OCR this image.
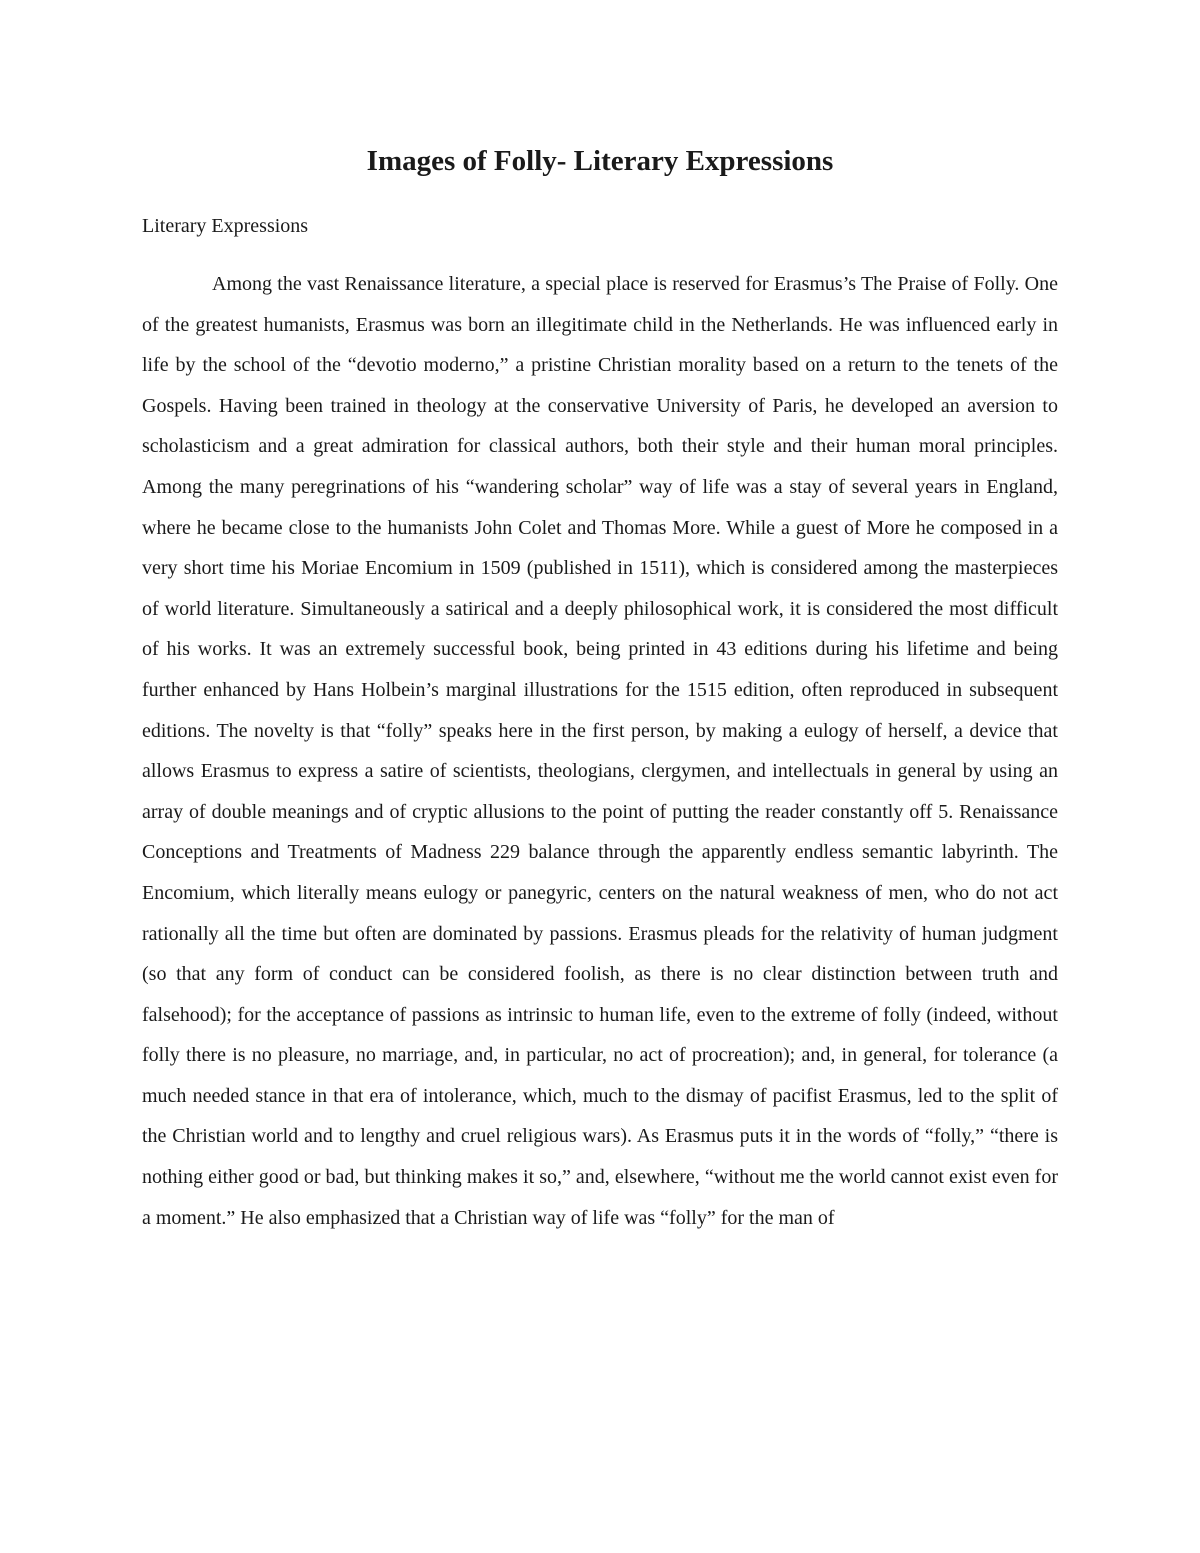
Images of Folly- Literary Expressions

Literary Expressions

Among the vast Renaissance literature, a special place is reserved for Erasmus’s The Praise of Folly. One of the greatest humanists, Erasmus was born an illegitimate child in the Netherlands. He was influenced early in life by the school of the “devotio moderno,” a pristine Christian morality based on a return to the tenets of the Gospels. Having been trained in theology at the conservative University of Paris, he developed an aversion to scholasticism and a great admiration for classical authors, both their style and their human moral principles. Among the many peregrinations of his “wandering scholar” way of life was a stay of several years in England, where he became close to the humanists John Colet and Thomas More. While a guest of More he composed in a very short time his Moriae Encomium in 1509 (published in 1511), which is considered among the masterpieces of world literature. Simultaneously a satirical and a deeply philosophical work, it is considered the most difficult of his works. It was an extremely successful book, being printed in 43 editions during his lifetime and being further enhanced by Hans Holbein’s marginal illustrations for the 1515 edition, often reproduced in subsequent editions. The novelty is that “folly” speaks here in the first person, by making a eulogy of herself, a device that allows Erasmus to express a satire of scientists, theologians, clergymen, and intellectuals in general by using an array of double meanings and of cryptic allusions to the point of putting the reader constantly off 5. Renaissance Conceptions and Treatments of Madness 229 balance through the apparently endless semantic labyrinth. The Encomium, which literally means eulogy or panegyric, centers on the natural weakness of men, who do not act rationally all the time but often are dominated by passions. Erasmus pleads for the relativity of human judgment (so that any form of conduct can be considered foolish, as there is no clear distinction between truth and falsehood); for the acceptance of passions as intrinsic to human life, even to the extreme of folly (indeed, without folly there is no pleasure, no marriage, and, in particular, no act of procreation); and, in general, for tolerance (a much needed stance in that era of intolerance, which, much to the dismay of pacifist Erasmus, led to the split of the Christian world and to lengthy and cruel religious wars). As Erasmus puts it in the words of “folly,” “there is nothing either good or bad, but thinking makes it so,” and, elsewhere, “without me the world cannot exist even for a moment.” He also emphasized that a Christian way of life was “folly” for the man of
